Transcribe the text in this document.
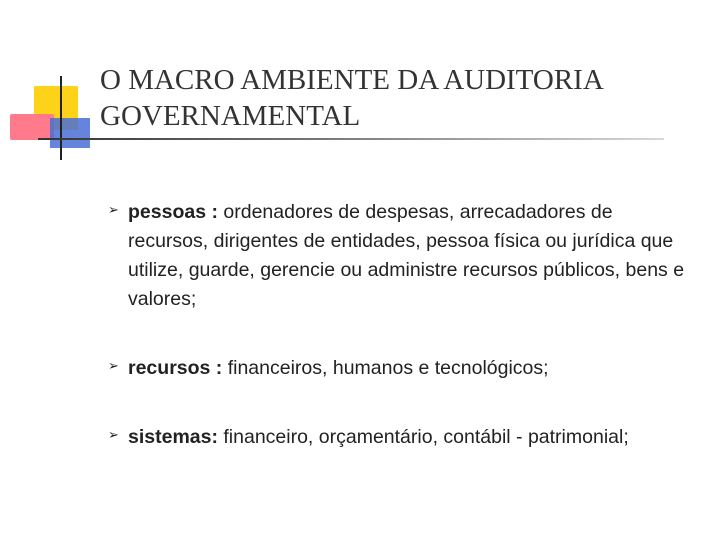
O MACRO AMBIENTE DA AUDITORIA
GOVERNAMENTAL
➢ pessoas : ordenadores de despesas, arrecadadores de recursos, dirigentes de entidades, pessoa física ou jurídica que utilize, guarde, gerencie ou administre recursos públicos, bens e valores;
➢ recursos : financeiros, humanos e tecnológicos;
➢ sistemas: financeiro, orçamentário, contábil - patrimonial;
